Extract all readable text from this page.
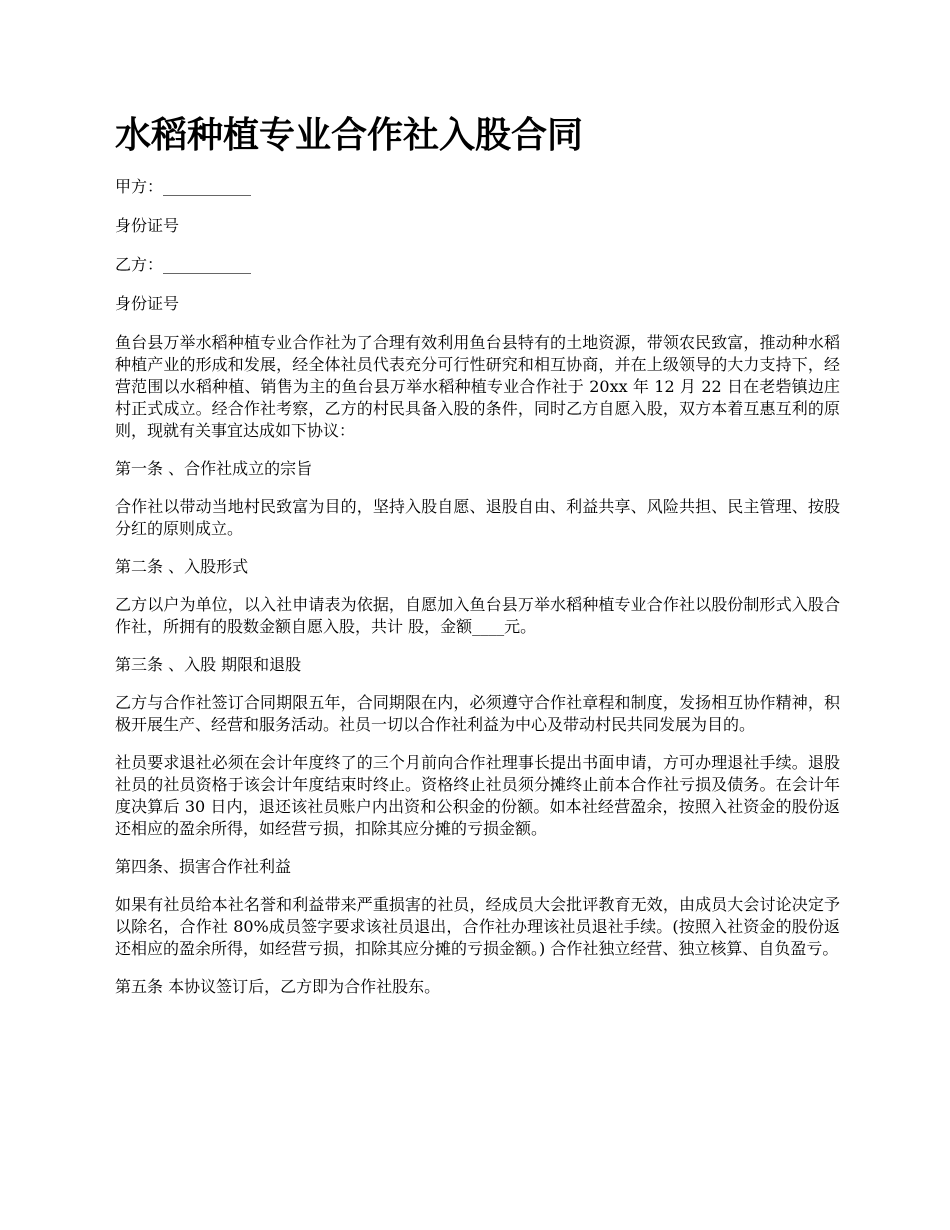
水稻种植专业合作社入股合同

甲方：___________

身份证号

乙方：___________

身份证号

鱼台县万举水稻种植专业合作社为了合理有效利用鱼台县特有的土地资源，带领农民致富，推动种水稻种植产业的形成和发展，经全体社员代表充分可行性研究和相互协商，并在上级领导的大力支持下，经营范围以水稻种植、销售为主的鱼台县万举水稻种植专业合作社于 20xx 年 12 月 22 日在老砦镇边庄村正式成立。经合作社考察，乙方的村民具备入股的条件，同时乙方自愿入股，双方本着互惠互利的原则，现就有关事宜达成如下协议：

第一条 、合作社成立的宗旨

合作社以带动当地村民致富为目的，坚持入股自愿、退股自由、利益共享、风险共担、民主管理、按股分红的原则成立。

第二条 、入股形式

乙方以户为单位，以入社申请表为依据，自愿加入鱼台县万举水稻种植专业合作社以股份制形式入股合作社，所拥有的股数金额自愿入股，共计 股，金额____元。

第三条 、入股 期限和退股

乙方与合作社签订合同期限五年，合同期限在内，必须遵守合作社章程和制度，发扬相互协作精神，积极开展生产、经营和服务活动。社员一切以合作社利益为中心及带动村民共同发展为目的。

社员要求退社必须在会计年度终了的三个月前向合作社理事长提出书面申请，方可办理退社手续。退股社员的社员资格于该会计年度结束时终止。资格终止社员须分摊终止前本合作社亏损及债务。在会计年度决算后 30 日内，退还该社员账户内出资和公积金的份额。如本社经营盈余，按照入社资金的股份返还相应的盈余所得，如经营亏损，扣除其应分摊的亏损金额。

第四条、损害合作社利益

如果有社员给本社名誉和利益带来严重损害的社员，经成员大会批评教育无效，由成员大会讨论决定予以除名，合作社 80%成员签字要求该社员退出，合作社办理该社员退社手续。(按照入社资金的股份返还相应的盈余所得，如经营亏损，扣除其应分摊的亏损金额。) 合作社独立经营、独立核算、自负盈亏。

第五条 本协议签订后，乙方即为合作社股东。
